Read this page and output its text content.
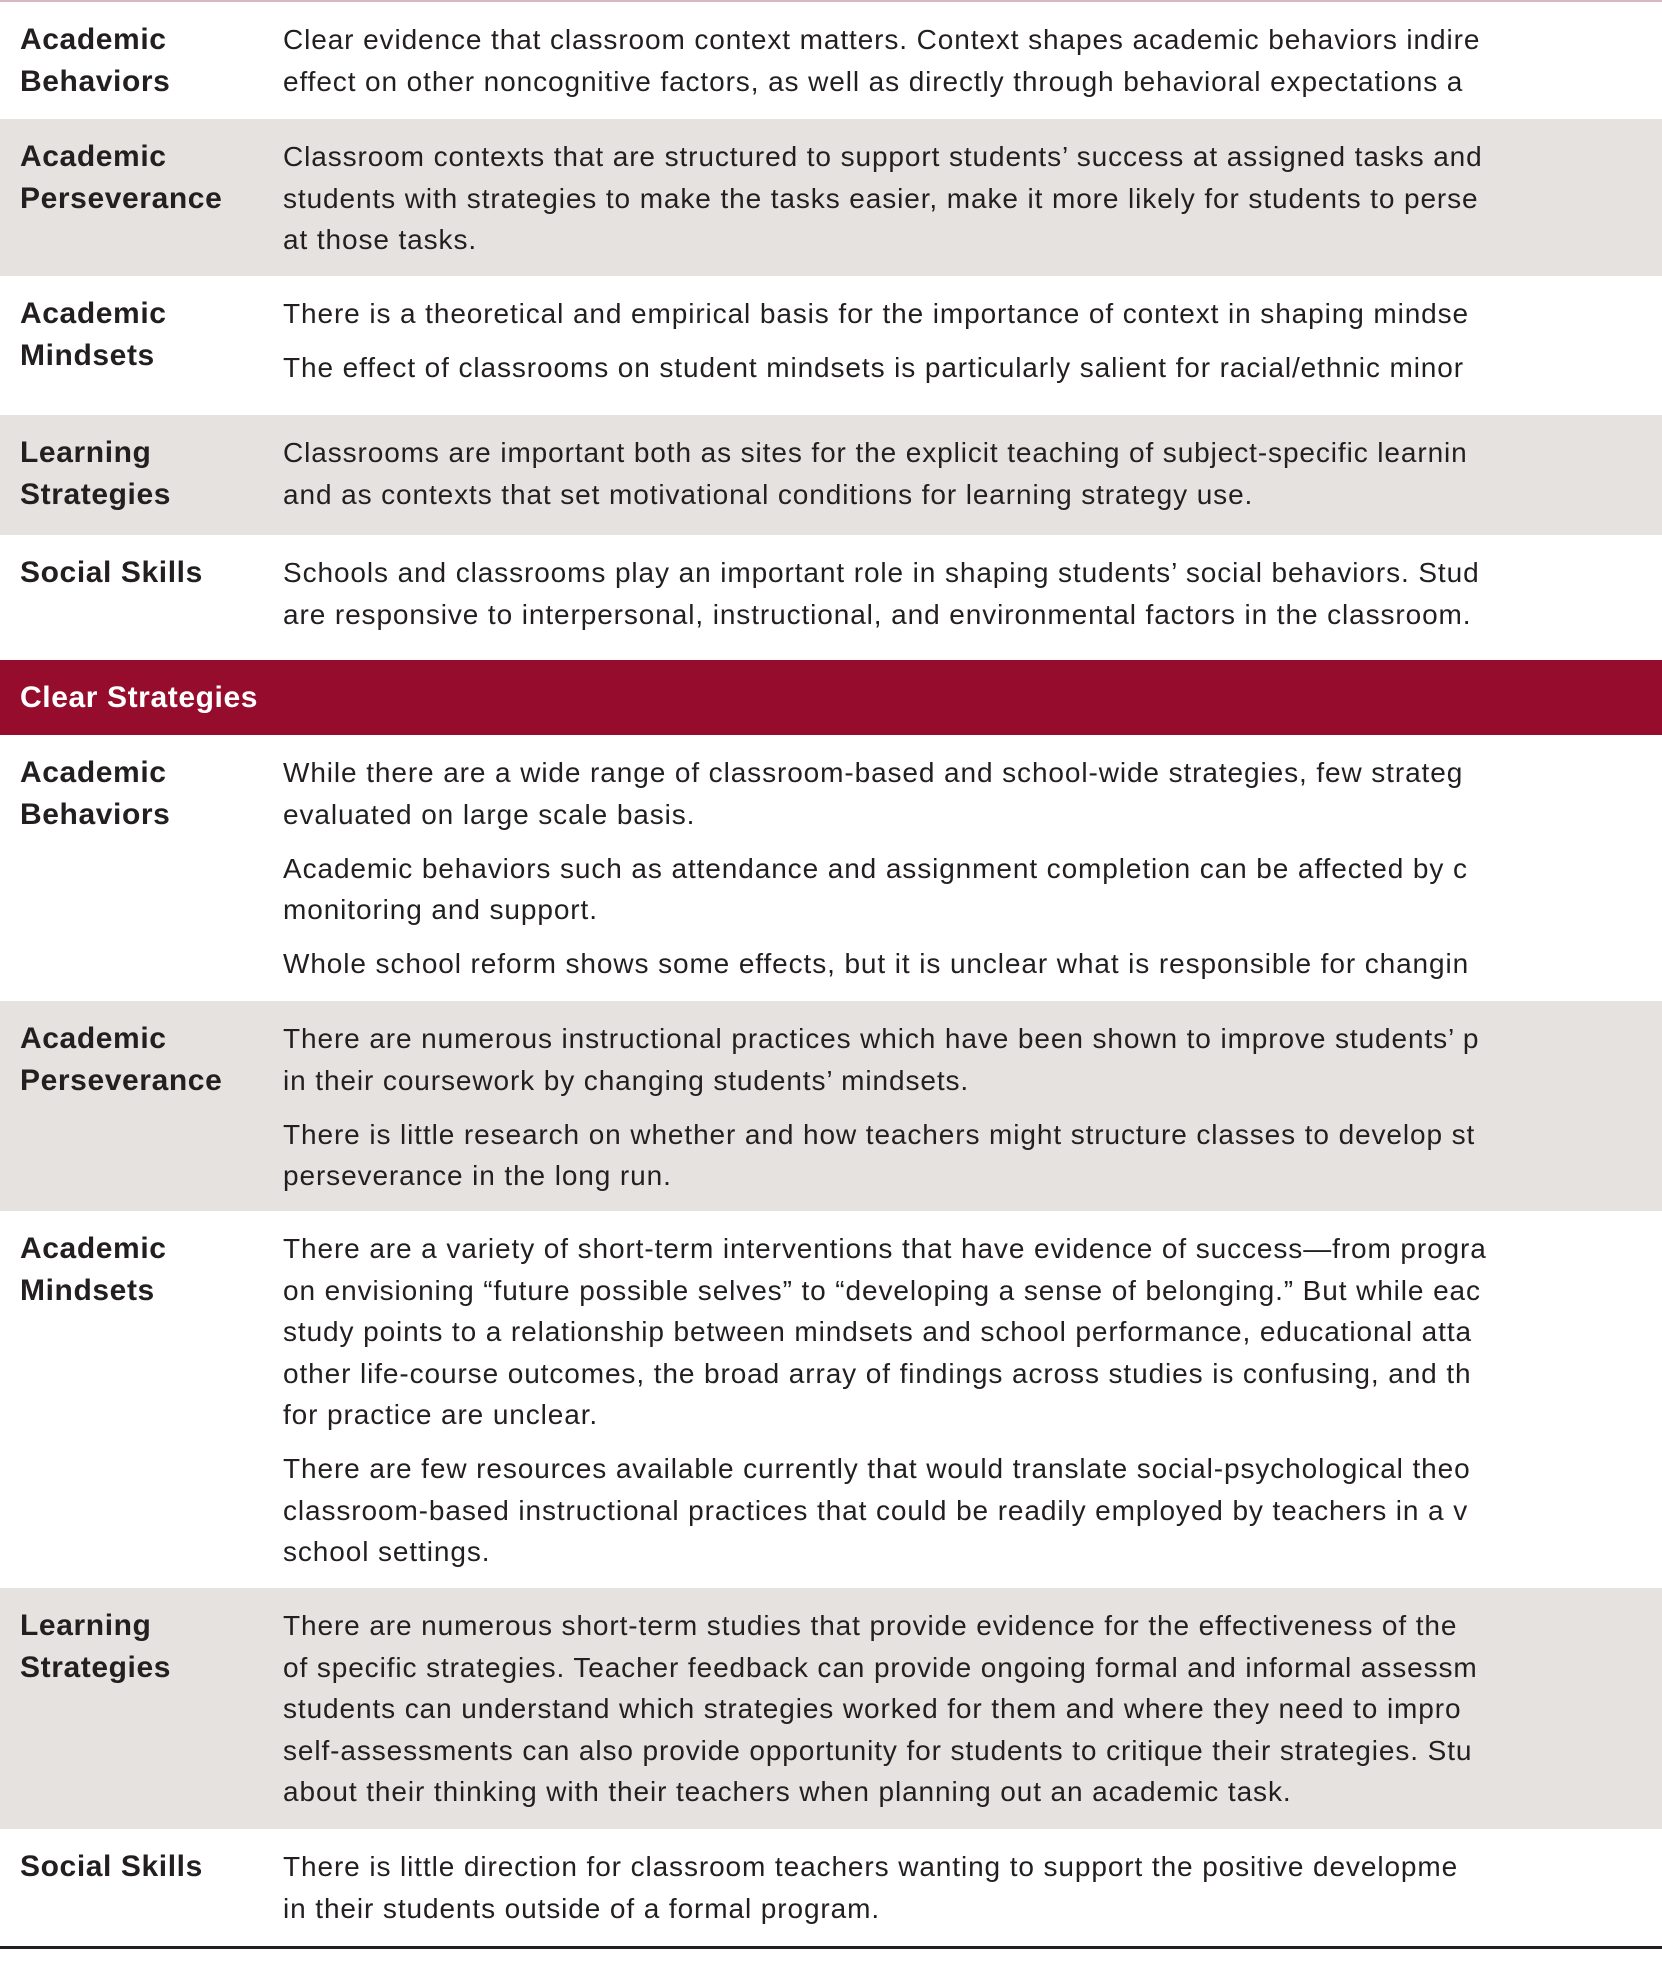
Academic
Behaviors
Clear evidence that classroom context matters. Context shapes academic behaviors indire
effect on other noncognitive factors, as well as directly through behavioral expectations a
Academic
Perseverance
Classroom contexts that are structured to support students’ success at assigned tasks and
students with strategies to make the tasks easier, make it more likely for students to perse
at those tasks.
Academic
Mindsets
There is a theoretical and empirical basis for the importance of context in shaping mindse
The effect of classrooms on student mindsets is particularly salient for racial/ethnic minor
Learning
Strategies
Classrooms are important both as sites for the explicit teaching of subject-specific learnin
and as contexts that set motivational conditions for learning strategy use.
Social Skills	Schools and classrooms play an important role in shaping students’ social behaviors. Stud
are responsive to interpersonal, instructional, and environmental factors in the classroom.
Clear Strategies
Academic
Behaviors
While there are a wide range of classroom-based and school-wide strategies, few strateg
evaluated on large scale basis.
Academic behaviors such as attendance and assignment completion can be affected by c
monitoring and support.
Whole school reform shows some effects, but it is unclear what is responsible for changin
Academic
Perseverance
There are numerous instructional practices which have been shown to improve students’ p
in their coursework by changing students’ mindsets.
There is little research on whether and how teachers might structure classes to develop st
perseverance in the long run.
Academic
Mindsets
There are a variety of short-term interventions that have evidence of success—from progra
on envisioning “future possible selves” to “developing a sense of belonging.” But while eac
study points to a relationship between mindsets and school performance, educational atta
other life-course outcomes, the broad array of findings across studies is confusing, and th
for practice are unclear.
There are few resources available currently that would translate social-psychological theo
classroom-based instructional practices that could be readily employed by teachers in a v
school settings.
Learning
Strategies
There are numerous short-term studies that provide evidence for the effectiveness of the
of specific strategies. Teacher feedback can provide ongoing formal and informal assessm
students can understand which strategies worked for them and where they need to impro
self-assessments can also provide opportunity for students to critique their strategies. Stu
about their thinking with their teachers when planning out an academic task.
Social Skills	There is little direction for classroom teachers wanting to support the positive developme
in their students outside of a formal program.
